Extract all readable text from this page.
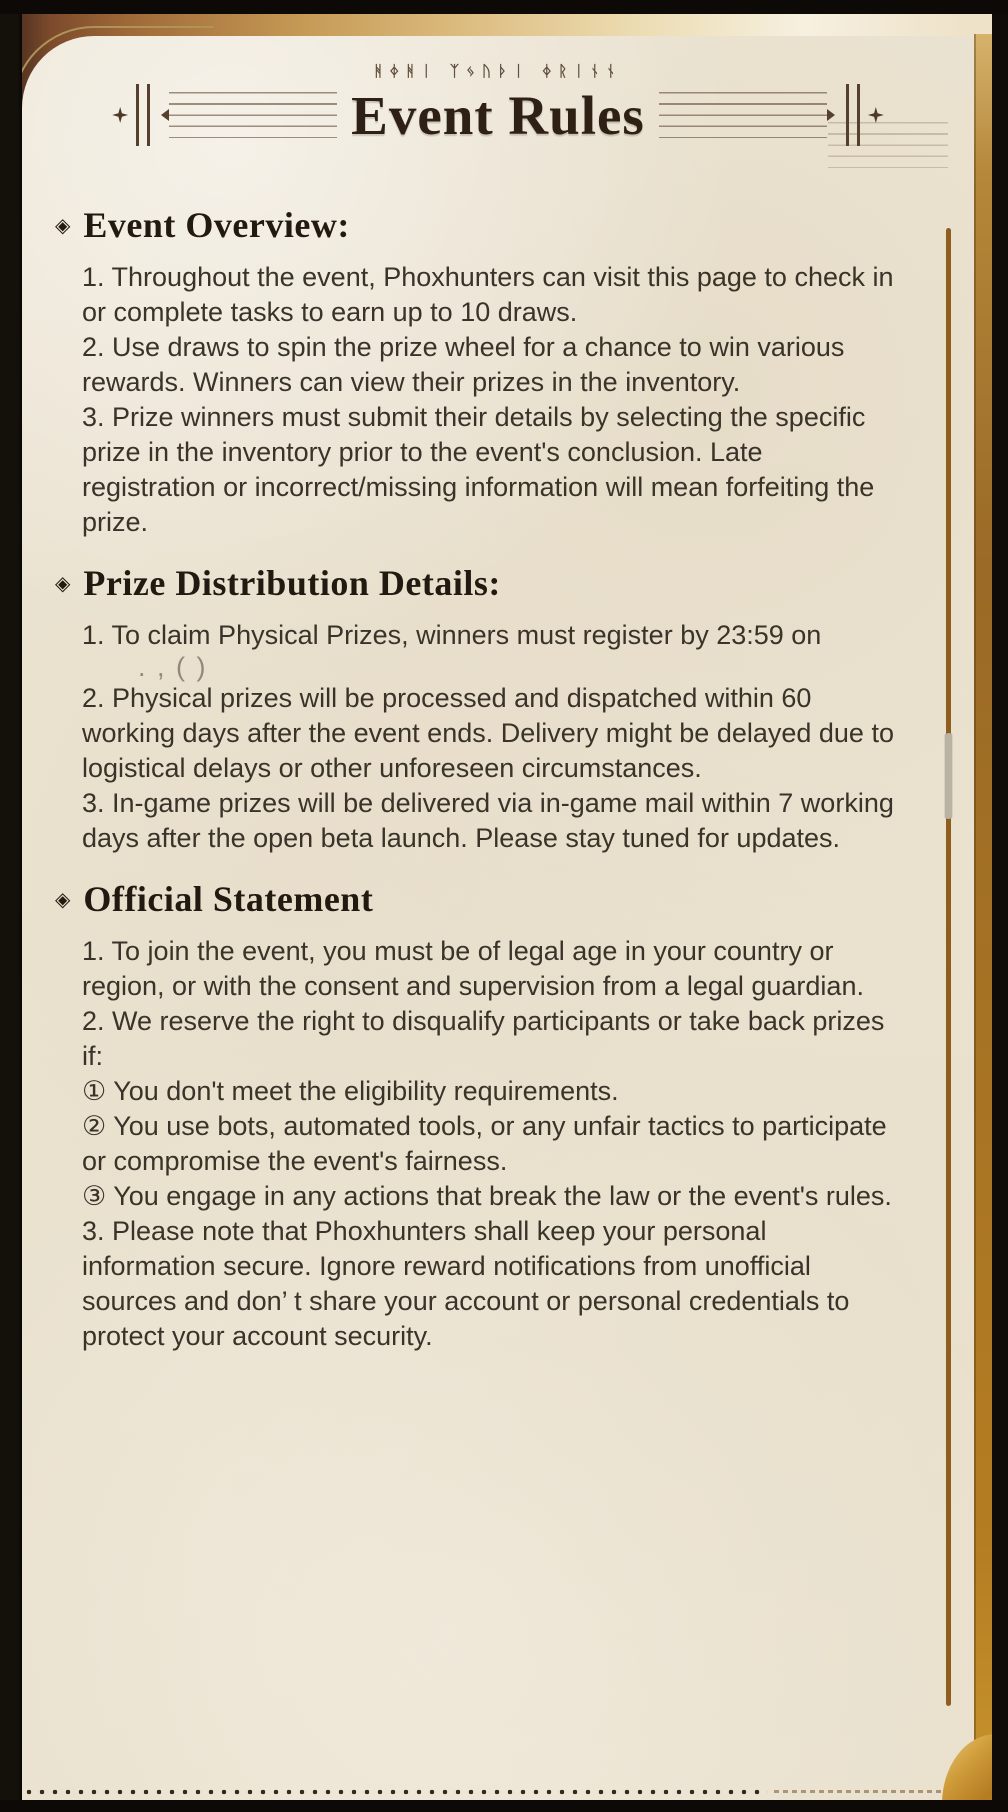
ᚻᛄᚻᛁ ᛉᛃᚢᚦᛁ ᛄᚱᛁᚾᚾ
Event Rules
◈ Event Overview:

1. Throughout the event, Phoxhunters can visit this page to check in or complete tasks to earn up to 10 draws.

2. Use draws to spin the prize wheel for a chance to win various rewards. Winners can view their prizes in the inventory.

3. Prize winners must submit their details by selecting the specific prize in the inventory prior to the event's conclusion. Late registration or incorrect/missing information will mean forfeiting the prize.

◈ Prize Distribution Details:

1. To claim Physical Prizes, winners must register by 23:59 on

. , ( )

2. Physical prizes will be processed and dispatched within 60 working days after the event ends. Delivery might be delayed due to logistical delays or other unforeseen circumstances.

3. In-game prizes will be delivered via in-game mail within 7 working days after the open beta launch. Please stay tuned for updates.

◈ Official Statement

1. To join the event, you must be of legal age in your country or region, or with the consent and supervision from a legal guardian.

2. We reserve the right to disqualify participants or take back prizes if:

① You don't meet the eligibility requirements.

② You use bots, automated tools, or any unfair tactics to participate or compromise the event's fairness.

③ You engage in any actions that break the law or the event's rules.

3. Please note that Phoxhunters shall keep your personal information secure. Ignore reward notifications from unofficial sources and don’ t share your account or personal credentials to protect your account security.
